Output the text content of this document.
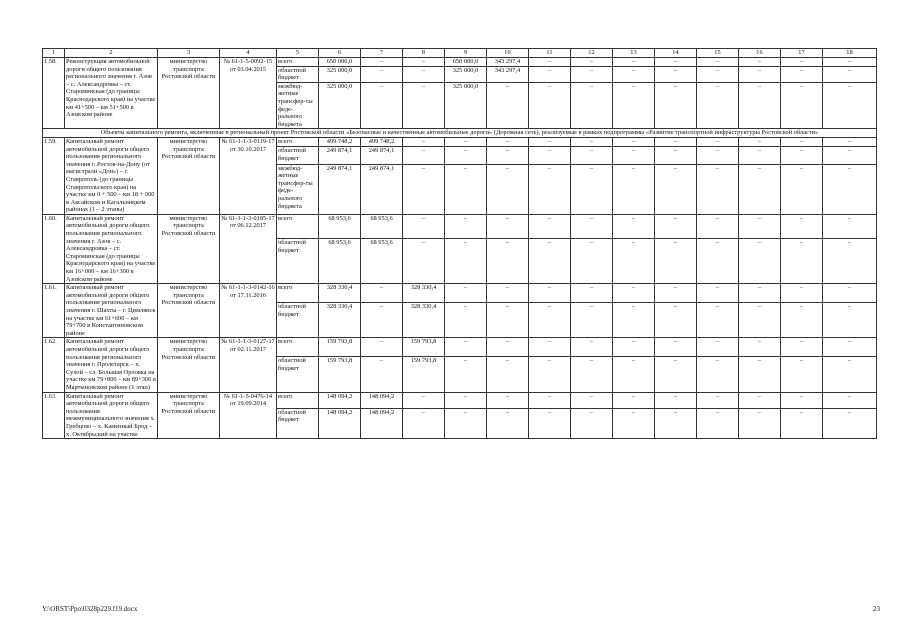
1	2	3	4	5	6	7	8	9	10	11	12	13	14	15	16	17	18
1.58.	Реконструкция автомобильной дороги общего пользования регионального значения г. Азов – с. Александровка – ст. Староминская (до границы Краснодарского края) на участке км 41+500 – км 51+500 в Азовском районе	министерство транспорта Ростовской области	№ 61-1-5-0092-15 от 03.04.2015	всего	650 000,0	–	–	650 000,0	343 297,4	–	–	–	–	–	–	–	–
				областной бюджет	325 000,0	–	–	325 000,0	343 297,4	–	–	–	–	–	–	–	–
				межбюд-жетные трансфер-ты феде-рального бюджета	325 000,0	–	–	325 000,0	–	–	–	–	–	–	–	–	–
Объекты капитального ремонта, включенные в региональный проект Ростовской области «Безопасные и качественные автомобильные дороги» (Дорожная сеть), реализуемые в рамках подпрограммы «Развитие транспортной инфраструктуры Ростовской области»																	
1.59.	Капитальный ремонт автомобильной дороги общего пользования регионального значения г. Ростов-на-Дону (от магистрали «Дон») – г. Ставрополь (до границы Ставропольского края) на участке км 0 + 500 – км 18 + 000 в Аксайском и Кагальницком районах (1 – 2 этапы)	министерство транспорта Ростовской области	№ 61-1-1-3-0119-17 от 30.10.2017	всего	499 748,2	499 748,2	–	–	–	–	–	–	–	–	–	–	–
				областной бюджет	249 874,1	249 874,1	–	–	–	–	–	–	–	–	–	–	–
				межбюд-жетные трансфер-ты феде-рального бюджета	249 874,1	249 874,1	–	–	–	–	–	–	–	–	–	–	–
1.60.	Капитальный ремонт автомобильной дороги общего пользования регионального значения г. Азов – с. Александровка – ст. Староминская (до границы Краснодарского края) на участке км 16+000 – км 16+300 в Азовском районе	министерство транспорта Ростовской области	№ 61-1-1-3-0185-17 от 06.12.2017	всего	68 953,6	68 953,6	–	–	–	–	–	–	–	–	–	–	–
				областной бюджет	68 953,6	68 953,6	–	–	–	–	–	–	–	–	–	–	–
1.61.	Капитальный ремонт автомобильной дороги общего пользования регионального значения г. Шахты – г. Цимлянск на участке км 61+600 – км 79+700 в Константиновском районе	министерство транспорта Ростовской области	№ 61-1-1-3-0142-16 от 17.11.2016	всего	328 330,4	–	328 330,4	–	–	–	–	–	–	–	–	–	–
				областной бюджет	328 330,4	–	328 330,4	–	–	–	–	–	–	–	–	–	–
1.62.	Капитальный ремонт автомобильной дороги общего пользования регионального значения г. Пролетарск – х. Сухой – сл. Большая Орловка на участке км 79+800 – км 89+300 в Мартыновском районе (1 этап)	министерство транспорта Ростовской области	№ 61-1-1-3-0127-17 от 02.11.2017	всего	159 793,8	–	159 793,8	–	–	–	–	–	–	–	–	–	–
				областной бюджет	159 793,8	–	159 793,8	–	–	–	–	–	–	–	–	–	–
1.63.	Капитальный ремонт автомобильной дороги общего пользования межмуниципального значения х. Гребцово – х. Каменный Брод – х. Октябрьский на участке	министерство транспорта Ростовской области	№ 61-1-5-0476-14 от 19.09.2014	всего	148 094,2	148 094,2	–	–	–	–	–	–	–	–	–	–	–
				областной бюджет	148 094,2	148 094,2	–	–	–	–	–	–	–	–	–	–	–
Y:\ORST\Ppo\0328p229.f19.docx	23
